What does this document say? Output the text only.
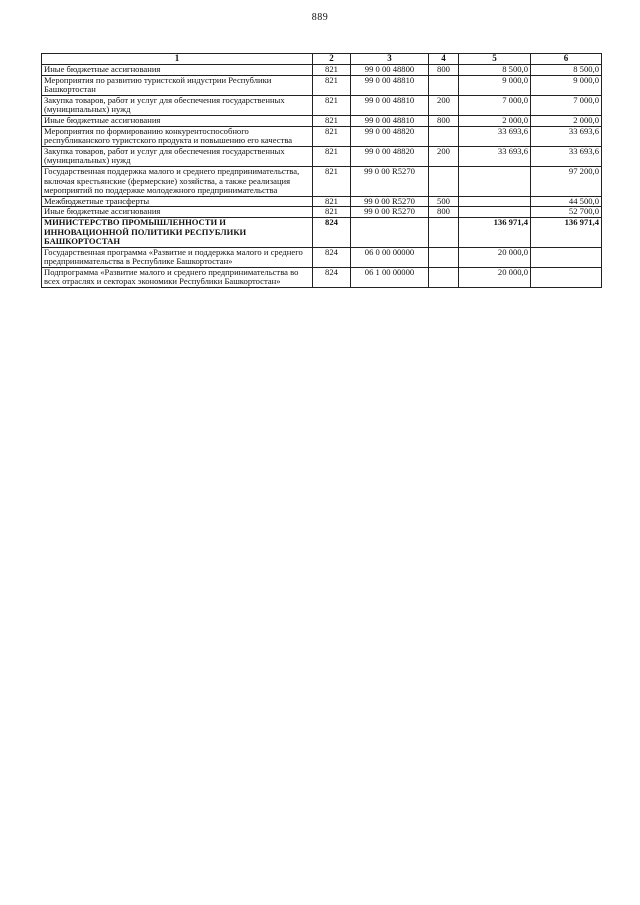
889
1	2	3	4	5	6
Иные бюджетные ассигнования	821	99 0 00 48800	800	8 500,0	8 500,0
Мероприятия по развитию туристской индустрии Республики Башкортостан	821	99 0 00 48810		9 000,0	9 000,0
Закупка товаров, работ и услуг для обеспечения государственных (муниципальных) нужд	821	99 0 00 48810	200	7 000,0	7 000,0
Иные бюджетные ассигнования	821	99 0 00 48810	800	2 000,0	2 000,0
Мероприятия по формированию конкурентоспособного республиканского туристского продукта и повышению его качества	821	99 0 00 48820		33 693,6	33 693,6
Закупка товаров, работ и услуг для обеспечения государственных (муниципальных) нужд	821	99 0 00 48820	200	33 693,6	33 693,6
Государственная поддержка малого и среднего предпринимательства, включая крестьянские (фермерские) хозяйства, а также реализация мероприятий по поддержке молодежного предпринимательства	821	99 0 00 R5270			97 200,0
Межбюджетные трансферты	821	99 0 00 R5270	500		44 500,0
Иные бюджетные ассигнования	821	99 0 00 R5270	800		52 700,0
МИНИСТЕРСТВО ПРОМЫШЛЕННОСТИ И ИННОВАЦИОННОЙ ПОЛИТИКИ РЕСПУБЛИКИ БАШКОРТОСТАН	824			136 971,4	136 971,4
Государственная программа «Развитие и поддержка малого и среднего предпринимательства в Республике Башкортостан»	824	06 0 00 00000		20 000,0	
Подпрограмма «Развитие малого и среднего предпринимательства во всех отраслях и секторах экономики Республики Башкортостан»	824	06 1 00 00000		20 000,0	
